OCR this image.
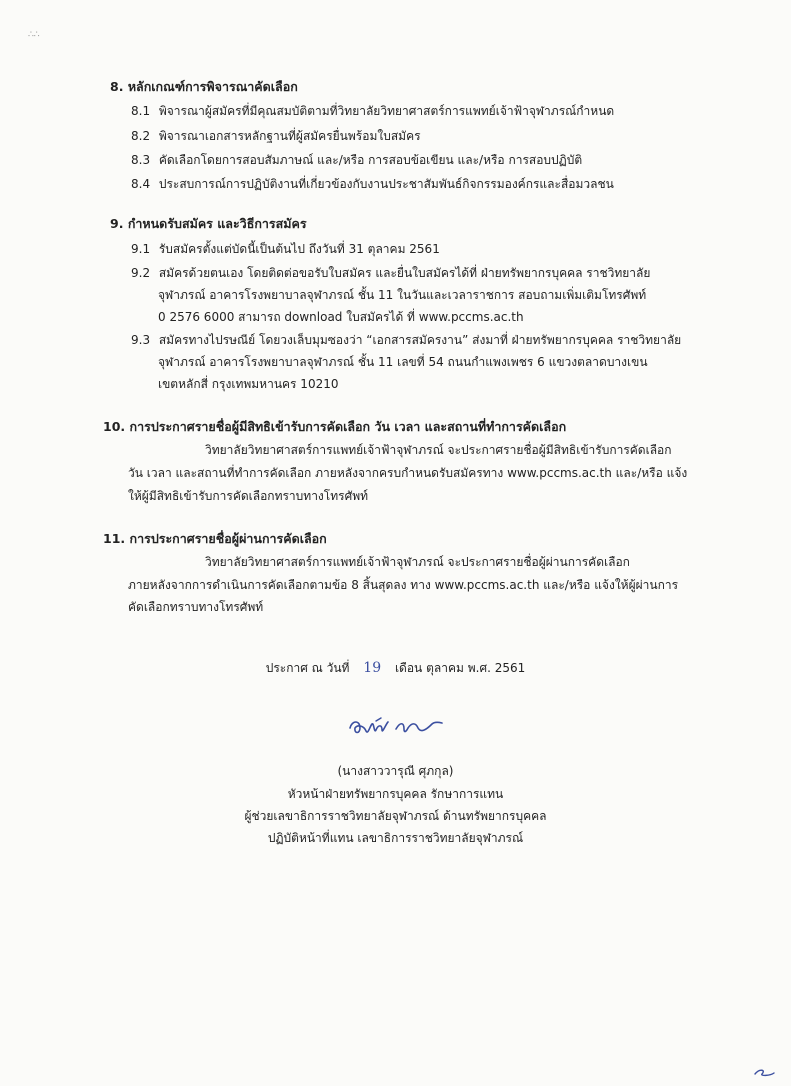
∴∴
8. หลักเกณฑ์การพิจารณาคัดเลือก
8.1 พิจารณาผู้สมัครที่มีคุณสมบัติตามที่วิทยาลัยวิทยาศาสตร์การแพทย์เจ้าฟ้าจุฬาภรณ์กำหนด
8.2 พิจารณาเอกสารหลักฐานที่ผู้สมัครยื่นพร้อมใบสมัคร
8.3 คัดเลือกโดยการสอบสัมภาษณ์ และ/หรือ การสอบข้อเขียน และ/หรือ การสอบปฏิบัติ
8.4 ประสบการณ์การปฏิบัติงานที่เกี่ยวข้องกับงานประชาสัมพันธ์กิจกรรมองค์กรและสื่อมวลชน
9. กำหนดรับสมัคร และวิธีการสมัคร
9.1 รับสมัครตั้งแต่บัดนี้เป็นต้นไป ถึงวันที่ 31 ตุลาคม 2561
9.2 สมัครด้วยตนเอง โดยติดต่อขอรับใบสมัคร และยื่นใบสมัครได้ที่ ฝ่ายทรัพยากรบุคคล ราชวิทยาลัย
จุฬาภรณ์ อาคารโรงพยาบาลจุฬาภรณ์ ชั้น 11 ในวันและเวลาราชการ สอบถามเพิ่มเติมโทรศัพท์
0 2576 6000 สามารถ download ใบสมัครได้ ที่ www.pccms.ac.th
9.3 สมัครทางไปรษณีย์ โดยวงเล็บมุมซองว่า “เอกสารสมัครงาน” ส่งมาที่ ฝ่ายทรัพยากรบุคคล ราชวิทยาลัย
จุฬาภรณ์ อาคารโรงพยาบาลจุฬาภรณ์ ชั้น 11 เลขที่ 54 ถนนกำแพงเพชร 6 แขวงตลาดบางเขน
เขตหลักสี่ กรุงเทพมหานคร 10210
10. การประกาศรายชื่อผู้มีสิทธิเข้ารับการคัดเลือก วัน เวลา และสถานที่ทำการคัดเลือก
วิทยาลัยวิทยาศาสตร์การแพทย์เจ้าฟ้าจุฬาภรณ์ จะประกาศรายชื่อผู้มีสิทธิเข้ารับการคัดเลือก
วัน เวลา และสถานที่ทำการคัดเลือก ภายหลังจากครบกำหนดรับสมัครทาง www.pccms.ac.th และ/หรือ แจ้ง
ให้ผู้มีสิทธิเข้ารับการคัดเลือกทราบทางโทรศัพท์
11. การประกาศรายชื่อผู้ผ่านการคัดเลือก
วิทยาลัยวิทยาศาสตร์การแพทย์เจ้าฟ้าจุฬาภรณ์ จะประกาศรายชื่อผู้ผ่านการคัดเลือก
ภายหลังจากการดำเนินการคัดเลือกตามข้อ 8 สิ้นสุดลง ทาง www.pccms.ac.th และ/หรือ แจ้งให้ผู้ผ่านการ
คัดเลือกทราบทางโทรศัพท์
ประกาศ ณ วันที่ 19 เดือน ตุลาคม พ.ศ. 2561
(นางสาววารุณี ศุภกุล)
หัวหน้าฝ่ายทรัพยากรบุคคล รักษาการแทน
ผู้ช่วยเลขาธิการราชวิทยาลัยจุฬาภรณ์ ด้านทรัพยากรบุคคล
ปฏิบัติหน้าที่แทน เลขาธิการราชวิทยาลัยจุฬาภรณ์
